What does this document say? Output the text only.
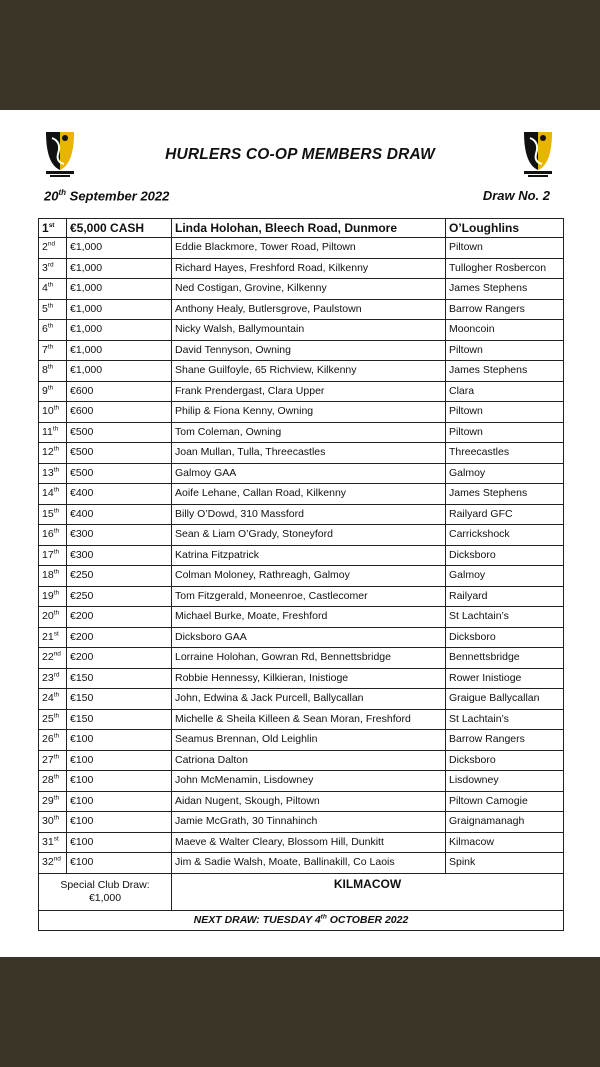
HURLERS CO-OP MEMBERS DRAW
20th September 2022	Draw No. 2
1st	€5,000 CASH	Linda Holohan, Bleech Road, Dunmore	O’Loughlins
2nd	€1,000	Eddie Blackmore, Tower Road, Piltown	Piltown
3rd	€1,000	Richard Hayes, Freshford Road, Kilkenny	Tullogher Rosbercon
4th	€1,000	Ned Costigan, Grovine, Kilkenny	James Stephens
5th	€1,000	Anthony Healy, Butlersgrove, Paulstown	Barrow Rangers
6th	€1,000	Nicky Walsh, Ballymountain	Mooncoin
7th	€1,000	David Tennyson, Owning	Piltown
8th	€1,000	Shane Guilfoyle, 65 Richview, Kilkenny	James Stephens
9th	€600	Frank Prendergast, Clara Upper	Clara
10th	€600	Philip & Fiona Kenny, Owning	Piltown
11th	€500	Tom Coleman, Owning	Piltown
12th	€500	Joan Mullan, Tulla, Threecastles	Threecastles
13th	€500	Galmoy GAA	Galmoy
14th	€400	Aoife Lehane, Callan Road, Kilkenny	James Stephens
15th	€400	Billy O’Dowd, 310 Massford	Railyard GFC
16th	€300	Sean & Liam O’Grady, Stoneyford	Carrickshock
17th	€300	Katrina Fitzpatrick	Dicksboro
18th	€250	Colman Moloney, Rathreagh, Galmoy	Galmoy
19th	€250	Tom Fitzgerald, Moneenroe, Castlecomer	Railyard
20th	€200	Michael Burke, Moate, Freshford	St Lachtain’s
21st	€200	Dicksboro GAA	Dicksboro
22nd	€200	Lorraine Holohan, Gowran Rd, Bennettsbridge	Bennettsbridge
23rd	€150	Robbie Hennessy, Kilkieran, Inistioge	Rower Inistioge
24th	€150	John, Edwina & Jack Purcell, Ballycallan	Graigue Ballycallan
25th	€150	Michelle & Sheila Killeen & Sean Moran, Freshford	St Lachtain’s
26th	€100	Seamus Brennan, Old Leighlin	Barrow Rangers
27th	€100	Catriona Dalton	Dicksboro
28th	€100	John McMenamin, Lisdowney	Lisdowney
29th	€100	Aidan Nugent, Skough, Piltown	Piltown Camogie
30th	€100	Jamie McGrath, 30 Tinnahinch	Graignamanagh
31st	€100	Maeve & Walter Cleary, Blossom Hill, Dunkitt	Kilmacow
32nd	€100	Jim & Sadie Walsh, Moate, Ballinakill, Co Laois	Spink
Special Club Draw:
€1,000		KILMACOW	
NEXT DRAW: TUESDAY 4th OCTOBER 2022			
